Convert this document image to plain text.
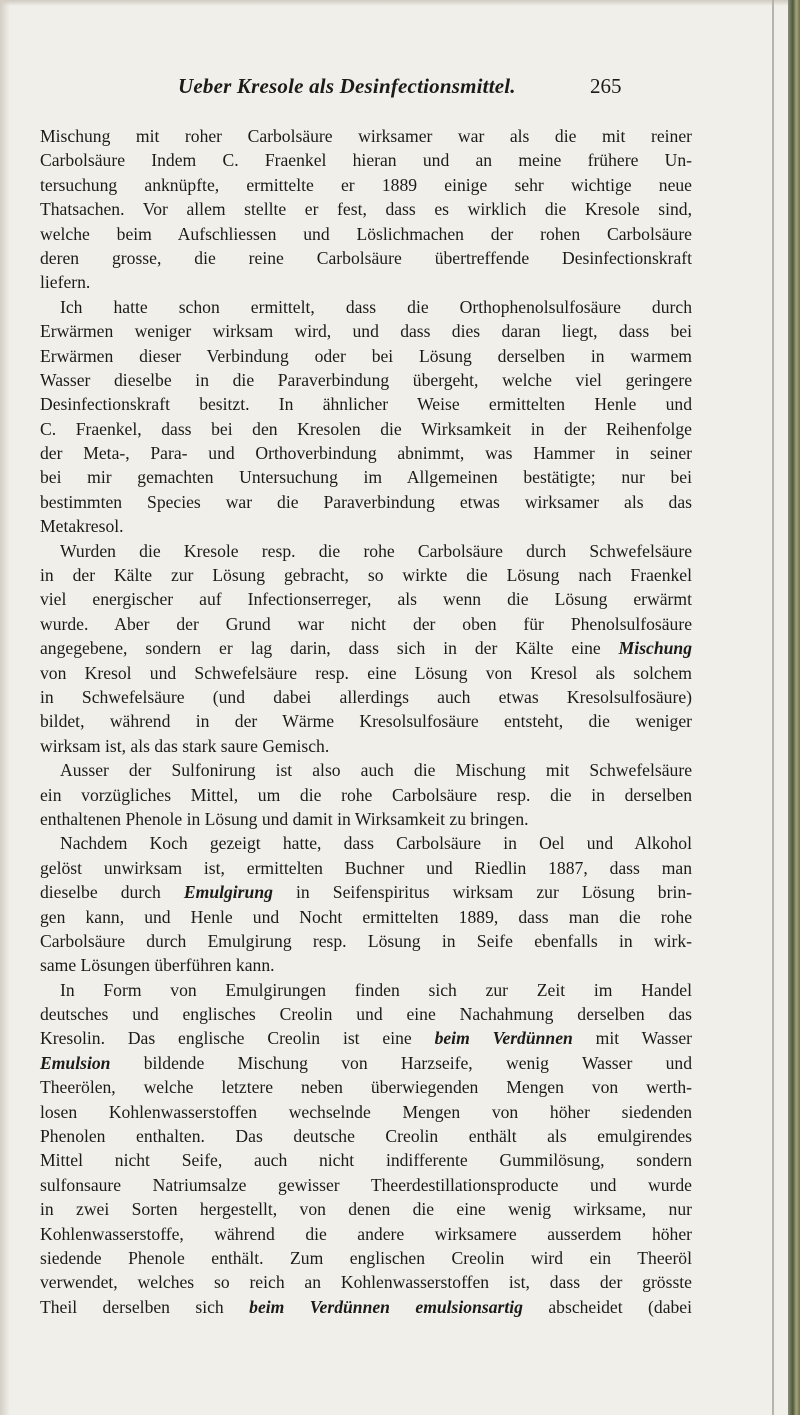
Ueber Kresole als Desinfectionsmittel.	265
Mischung mit roher Carbolsäure wirksamer war als die mit reiner
Carbolsäure Indem C. Fraenkel hieran und an meine frühere Un-
tersuchung anknüpfte, ermittelte er 1889 einige sehr wichtige neue
Thatsachen. Vor allem stellte er fest, dass es wirklich die Kresole sind,
welche beim Aufschliessen und Löslichmachen der rohen Carbolsäure
deren grosse, die reine Carbolsäure übertreffende Desinfectionskraft
liefern.
Ich hatte schon ermittelt, dass die Orthophenolsulfosäure durch
Erwärmen weniger wirksam wird, und dass dies daran liegt, dass bei
Erwärmen dieser Verbindung oder bei Lösung derselben in warmem
Wasser dieselbe in die Paraverbindung übergeht, welche viel geringere
Desinfectionskraft besitzt. In ähnlicher Weise ermittelten Henle und
C. Fraenkel, dass bei den Kresolen die Wirksamkeit in der Reihenfolge
der Meta-, Para- und Orthoverbindung abnimmt, was Hammer in seiner
bei mir gemachten Untersuchung im Allgemeinen bestätigte; nur bei
bestimmten Species war die Paraverbindung etwas wirksamer als das
Metakresol.
Wurden die Kresole resp. die rohe Carbolsäure durch Schwefelsäure
in der Kälte zur Lösung gebracht, so wirkte die Lösung nach Fraenkel
viel energischer auf Infectionserreger, als wenn die Lösung erwärmt
wurde. Aber der Grund war nicht der oben für Phenolsulfosäure
angegebene, sondern er lag darin, dass sich in der Kälte eine Mischung
von Kresol und Schwefelsäure resp. eine Lösung von Kresol als solchem
in Schwefelsäure (und dabei allerdings auch etwas Kresolsulfosäure)
bildet, während in der Wärme Kresolsulfosäure entsteht, die weniger
wirksam ist, als das stark saure Gemisch.
Ausser der Sulfonirung ist also auch die Mischung mit Schwefelsäure
ein vorzügliches Mittel, um die rohe Carbolsäure resp. die in derselben
enthaltenen Phenole in Lösung und damit in Wirksamkeit zu bringen.
Nachdem Koch gezeigt hatte, dass Carbolsäure in Oel und Alkohol
gelöst unwirksam ist, ermittelten Buchner und Riedlin 1887, dass man
dieselbe durch Emulgirung in Seifenspiritus wirksam zur Lösung brin-
gen kann, und Henle und Nocht ermittelten 1889, dass man die rohe
Carbolsäure durch Emulgirung resp. Lösung in Seife ebenfalls in wirk-
same Lösungen überführen kann.
In Form von Emulgirungen finden sich zur Zeit im Handel
deutsches und englisches Creolin und eine Nachahmung derselben das
Kresolin. Das englische Creolin ist eine beim Verdünnen mit Wasser
Emulsion bildende Mischung von Harzseife, wenig Wasser und
Theerölen, welche letztere neben überwiegenden Mengen von werth-
losen Kohlenwasserstoffen wechselnde Mengen von höher siedenden
Phenolen enthalten. Das deutsche Creolin enthält als emulgirendes
Mittel nicht Seife, auch nicht indifferente Gummilösung, sondern
sulfonsaure Natriumsalze gewisser Theerdestillationsproducte und wurde
in zwei Sorten hergestellt, von denen die eine wenig wirksame, nur
Kohlenwasserstoffe, während die andere wirksamere ausserdem höher
siedende Phenole enthält. Zum englischen Creolin wird ein Theeröl
verwendet, welches so reich an Kohlenwasserstoffen ist, dass der grösste
Theil derselben sich beim Verdünnen emulsionsartig abscheidet (dabei
